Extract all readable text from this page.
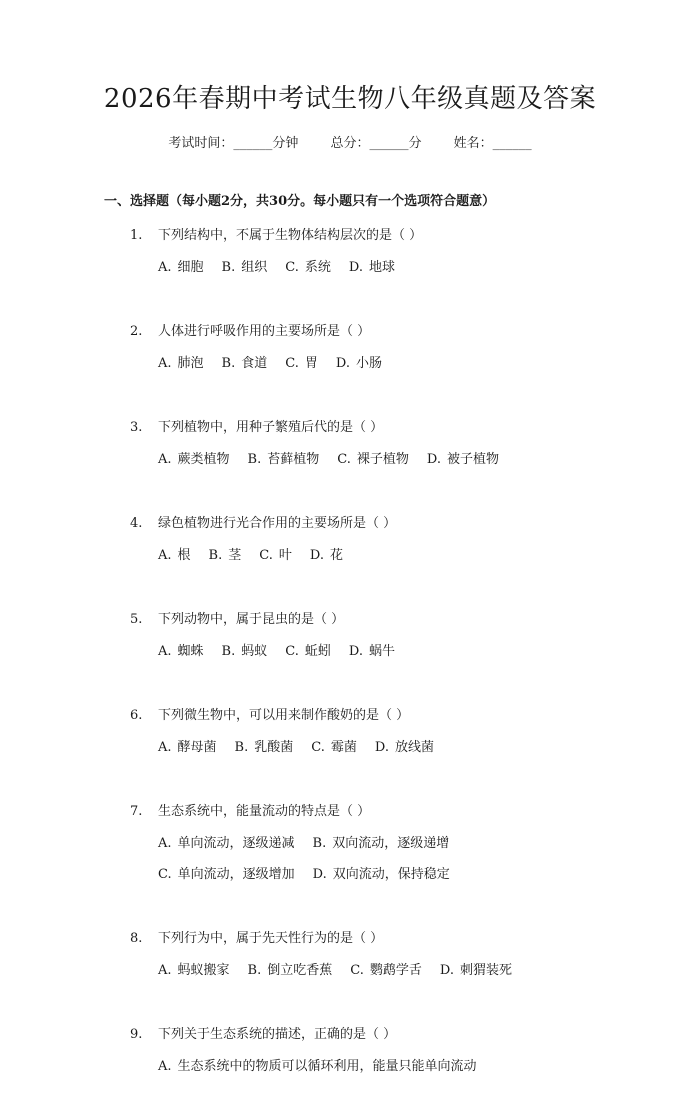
2026年春期中考试生物八年级真题及答案
考试时间：______分钟 总分：______分 姓名：______
一、选择题（每小题2分，共30分。每小题只有一个选项符合题意）
1. 下列结构中，不属于生物体结构层次的是（ ）
A. 细胞 B. 组织 C. 系统 D. 地球
2. 人体进行呼吸作用的主要场所是（ ）
A. 肺泡 B. 食道 C. 胃 D. 小肠
3. 下列植物中，用种子繁殖后代的是（ ）
A. 蕨类植物 B. 苔藓植物 C. 裸子植物 D. 被子植物
4. 绿色植物进行光合作用的主要场所是（ ）
A. 根 B. 茎 C. 叶 D. 花
5. 下列动物中，属于昆虫的是（ ）
A. 蜘蛛 B. 蚂蚁 C. 蚯蚓 D. 蜗牛
6. 下列微生物中，可以用来制作酸奶的是（ ）
A. 酵母菌 B. 乳酸菌 C. 霉菌 D. 放线菌
7. 生态系统中，能量流动的特点是（ ）
A. 单向流动，逐级递减 B. 双向流动，逐级递增
C. 单向流动，逐级增加 D. 双向流动，保持稳定
8. 下列行为中，属于先天性行为的是（ ）
A. 蚂蚁搬家 B. 倒立吃香蕉 C. 鹦鹉学舌 D. 刺猬装死
9. 下列关于生态系统的描述，正确的是（ ）
A. 生态系统中的物质可以循环利用，能量只能单向流动
